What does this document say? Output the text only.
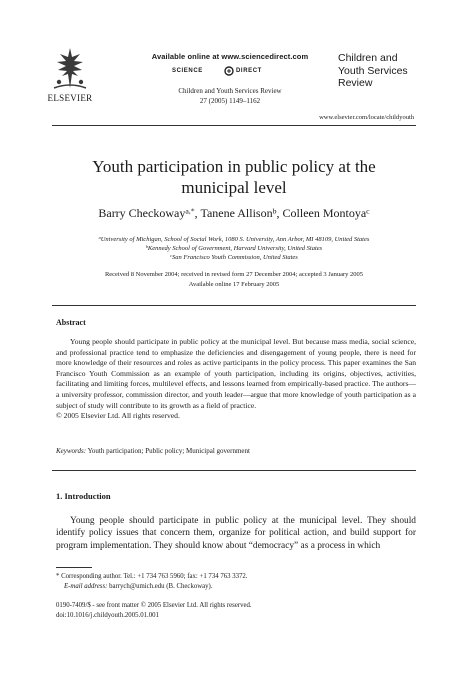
ELSEVIER
Available online at www.sciencedirect.com
SCIENCE	DIRECT
Children and Youth Services Review
27 (2005) 1149–1162
Children and
Youth Services
Review
www.elsevier.com/locate/childyouth
Youth participation in public policy at the
municipal level
Barry Checkoway$^{a,*}$, Tanene Allison$^b$, Colleen Montoya$^c$
$^a$University of Michigan, School of Social Work, 1080 S. University, Ann Arbor, MI 48109, United States
$^b$Kennedy School of Government, Harvard University, United States
$^c$San Francisco Youth Commission, United States
Received 8 November 2004; received in revised form 27 December 2004; accepted 3 January 2005
Available online 17 February 2005
Abstract

Young people should participate in public policy at the municipal level. But because mass media, social science, and professional practice tend to emphasize the deficiencies and disengagement of young people, there is need for more knowledge of their resources and roles as active participants in the policy process. This paper examines the San Francisco Youth Commission as an example of youth participation, including its origins, objectives, activities, facilitating and limiting forces, multilevel effects, and lessons learned from empirically-based practice. The authors—a university professor, commission director, and youth leader—argue that more knowledge of youth participation as a subject of study will contribute to its growth as a field of practice.

© 2005 Elsevier Ltd. All rights reserved.

Keywords: Youth participation; Public policy; Municipal government
1. Introduction
Young people should participate in public policy at the municipal level. They should identify policy issues that concern them, organize for political action, and build support for program implementation. They should know about “democracy” as a process in which
* Corresponding author. Tel.: +1 734 763 5960; fax: +1 734 763 3372.
E-mail address: barrych@umich.edu (B. Checkoway).
0190-7409/$ - see front matter © 2005 Elsevier Ltd. All rights reserved.
doi:10.1016/j.childyouth.2005.01.001
